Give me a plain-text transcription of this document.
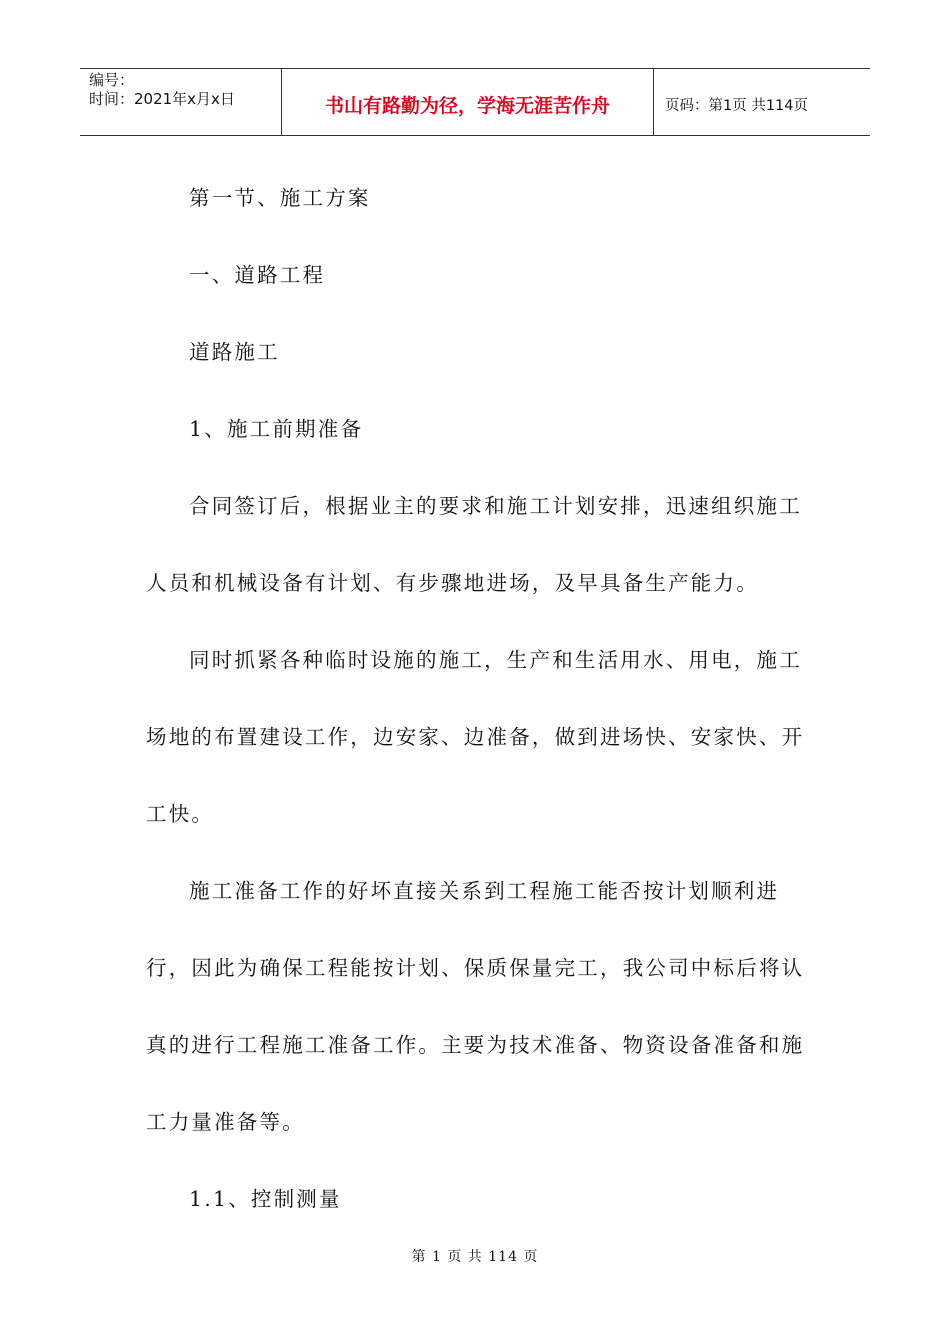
编号：
时间：2021年x月x日	书山有路勤为径，学海无涯苦作舟	页码：第1页 共114页
第一节、施工方案
一、道路工程
道路施工
1、施工前期准备
合同签订后，根据业主的要求和施工计划安排，迅速组织施工
人员和机械设备有计划、有步骤地进场，及早具备生产能力。
同时抓紧各种临时设施的施工，生产和生活用水、用电，施工
场地的布置建设工作，边安家、边准备，做到进场快、安家快、开
工快。
施工准备工作的好坏直接关系到工程施工能否按计划顺利进
行，因此为确保工程能按计划、保质保量完工，我公司中标后将认
真的进行工程施工准备工作。主要为技术准备、物资设备准备和施
工力量准备等。
1.1、控制测量
第 1 页 共 114 页
